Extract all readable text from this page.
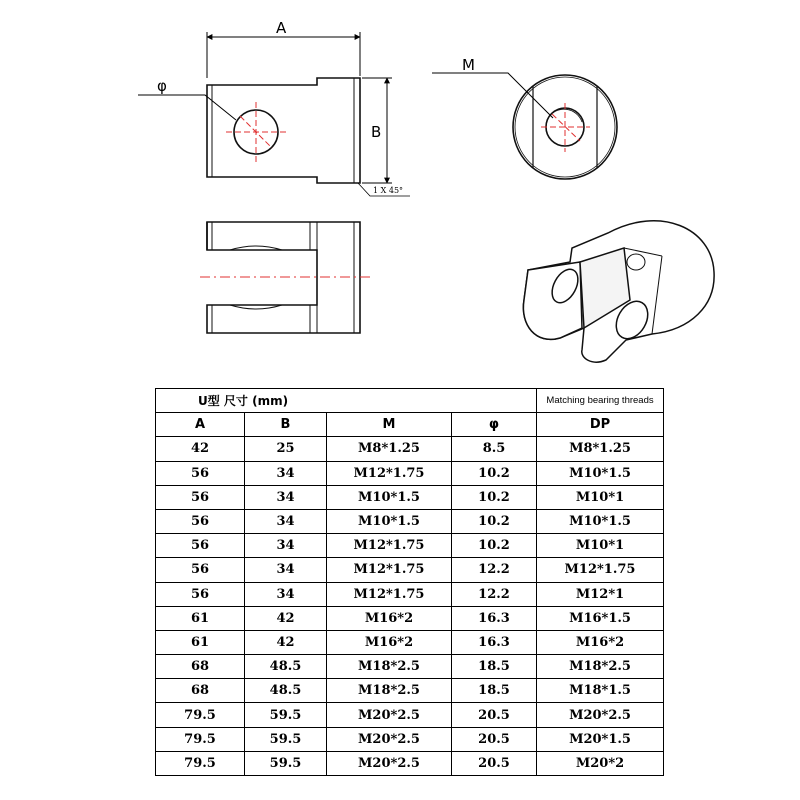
A
B
φ
1 X 45°
M
U型 尺寸 (mm)				Matching bearing threads
A	B	M	φ	DP
42	25	M8*1.25	8.5	M8*1.25
56	34	M12*1.75	10.2	M10*1.5
56	34	M10*1.5	10.2	M10*1
56	34	M10*1.5	10.2	M10*1.5
56	34	M12*1.75	10.2	M10*1
56	34	M12*1.75	12.2	M12*1.75
56	34	M12*1.75	12.2	M12*1
61	42	M16*2	16.3	M16*1.5
61	42	M16*2	16.3	M16*2
68	48.5	M18*2.5	18.5	M18*2.5
68	48.5	M18*2.5	18.5	M18*1.5
79.5	59.5	M20*2.5	20.5	M20*2.5
79.5	59.5	M20*2.5	20.5	M20*1.5
79.5	59.5	M20*2.5	20.5	M20*2
